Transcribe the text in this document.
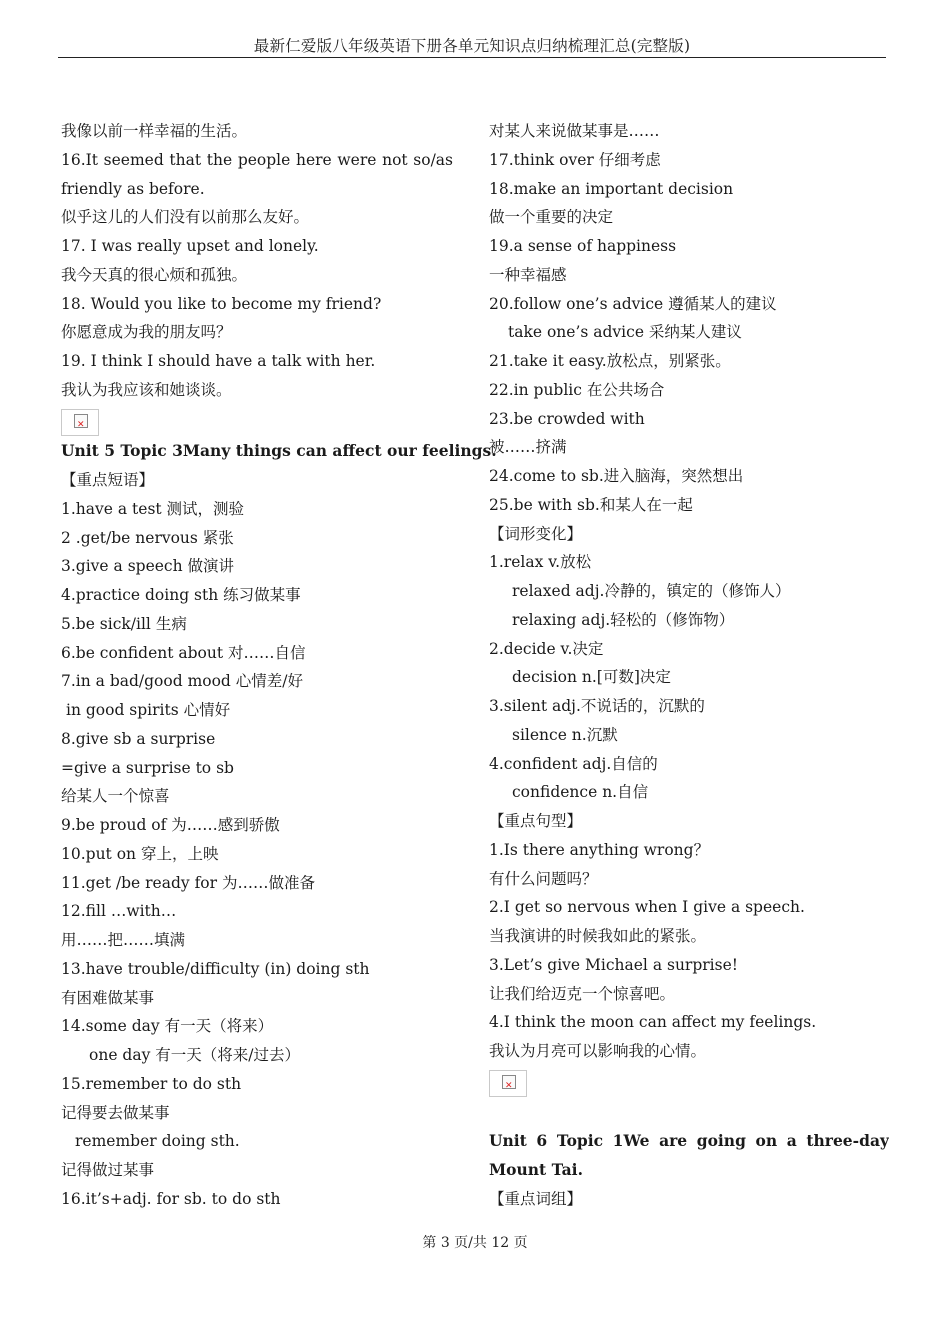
最新仁爱版八年级英语下册各单元知识点归纳梳理汇总(完整版)
我像以前一样幸福的生活。
16.It seemed that the people here were not so/as
friendly as before.
似乎这儿的人们没有以前那么友好。
17. I was really upset and lonely.
我今天真的很心烦和孤独。
18. Would you like to become my friend?
你愿意成为我的朋友吗？
19. I think I should have a talk with her.
我认为我应该和她谈谈。
✕
Unit 5 Topic 3Many things can affect our feelings.
【重点短语】
1.have a test 测试，测验
2 .get/be nervous 紧张
3.give a speech 做演讲
4.practice doing sth 练习做某事
5.be sick/ill 生病
6.be confident about 对……自信
7.in a bad/good mood 心情差/好
in good spirits 心情好
8.give sb a surprise
=give a surprise to sb
给某人一个惊喜
9.be proud of 为……感到骄傲
10.put on 穿上，上映
11.get /be ready for 为……做准备
12.fill …with…
用……把……填满
13.have trouble/difficulty (in) doing sth
有困难做某事
14.some day 有一天（将来）
one day 有一天（将来/过去）
15.remember to do sth
记得要去做某事
remember doing sth.
记得做过某事
16.it’s+adj. for sb. to do sth
对某人来说做某事是……
17.think over 仔细考虑
18.make an important decision
做一个重要的决定
19.a sense of happiness
一种幸福感
20.follow one’s advice 遵循某人的建议
take one’s advice 采纳某人建议
21.take it easy.放松点，别紧张。
22.in public 在公共场合
23.be crowded with
被……挤满
24.come to sb.进入脑海，突然想出
25.be with sb.和某人在一起
【词形变化】
1.relax v.放松
relaxed adj.冷静的，镇定的（修饰人）
relaxing adj.轻松的（修饰物）
2.decide v.决定
decision n.[可数]决定
3.silent adj.不说话的，沉默的
silence n.沉默
4.confident adj.自信的
confidence n.自信
【重点句型】
1.Is there anything wrong？
有什么问题吗？
2.I get so nervous when I give a speech.
当我演讲的时候我如此的紧张。
3.Let’s give Michael a surprise!
让我们给迈克一个惊喜吧。
4.I think the moon can affect my feelings.
我认为月亮可以影响我的心情。
✕
Unit 6 Topic 1We are going on a three-day
Mount Tai.
【重点词组】
第 3 页/共 12 页
